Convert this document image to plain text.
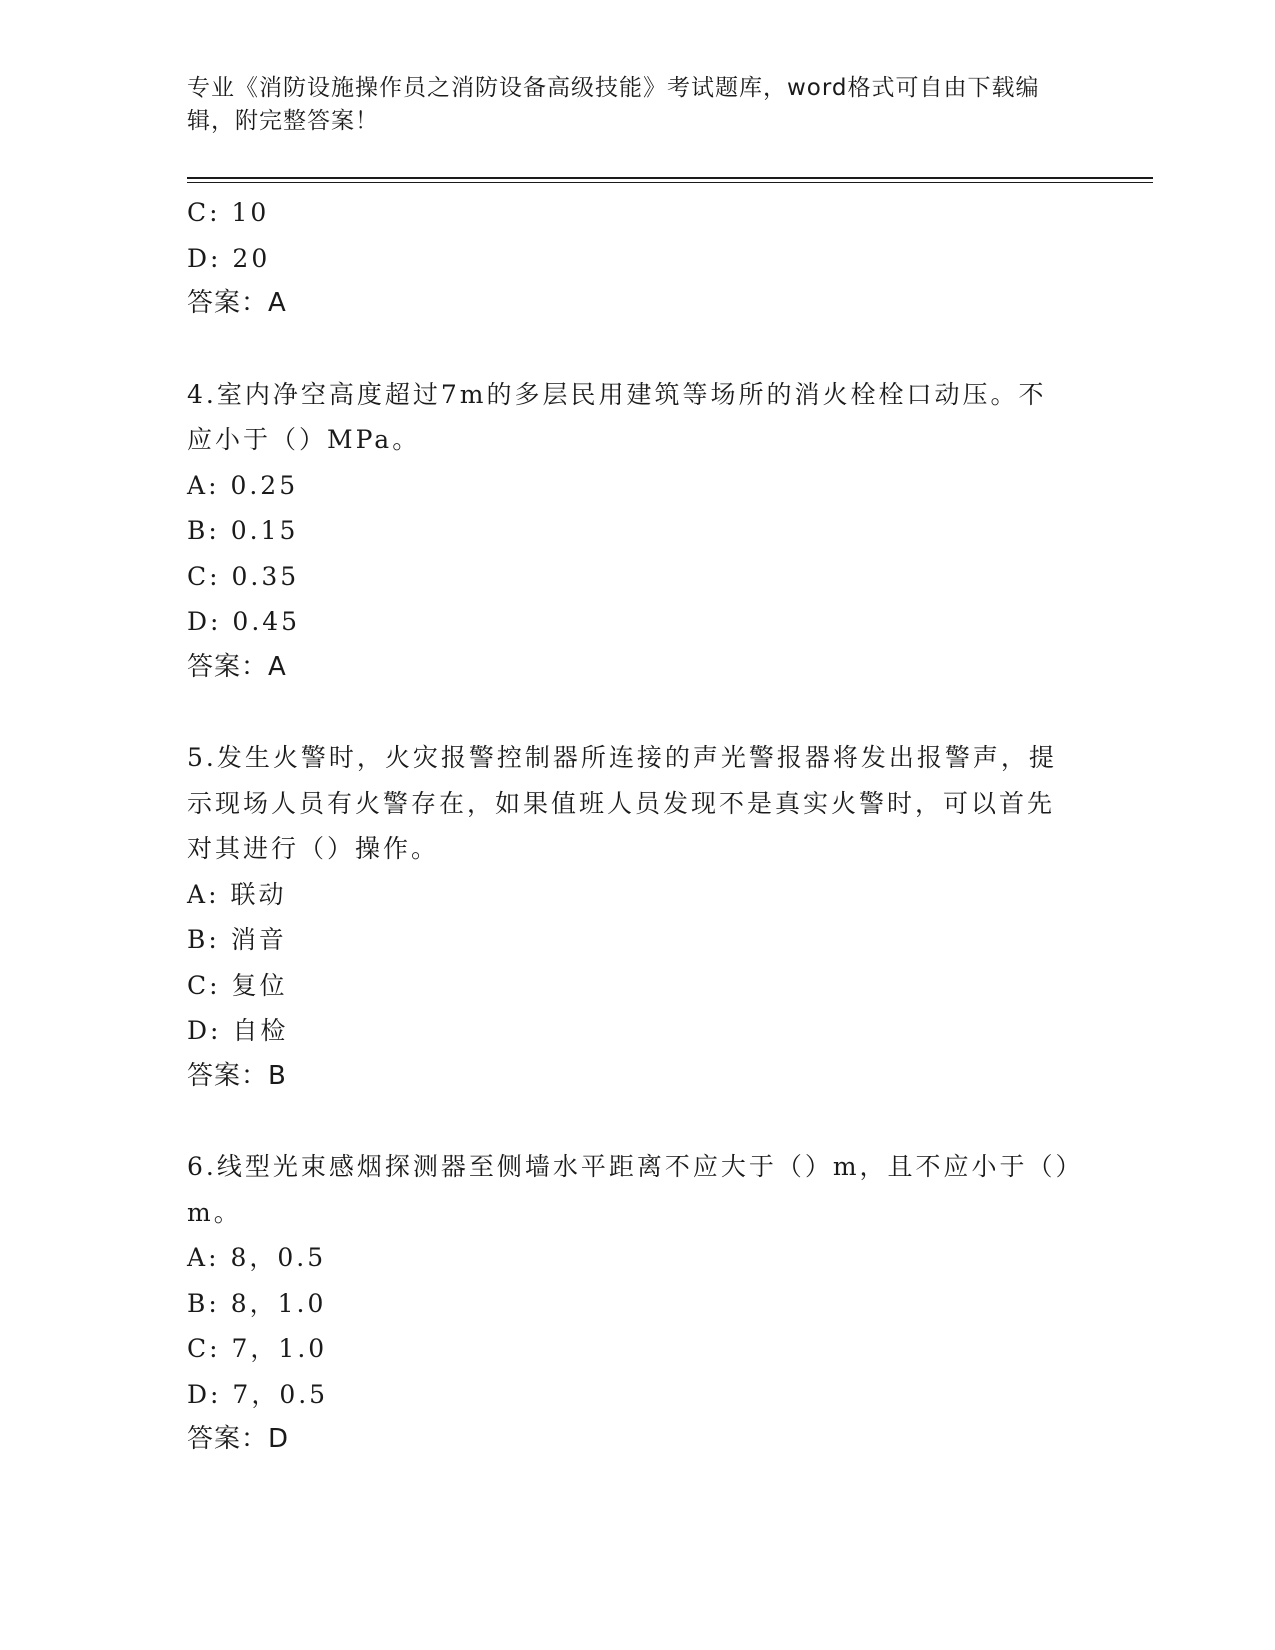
专业《消防设施操作员之消防设备高级技能》考试题库，word格式可自由下载编辑，附完整答案！
C: 10
D: 20
答案：A
4.室内净空高度超过7m的多层民用建筑等场所的消火栓栓口动压。不应小于（）MPa。
A: 0.25
B: 0.15
C: 0.35
D: 0.45
答案：A
5.发生火警时，火灾报警控制器所连接的声光警报器将发出报警声，提示现场人员有火警存在，如果值班人员发现不是真实火警时，可以首先对其进行（）操作。
A: 联动
B: 消音
C: 复位
D: 自检
答案：B
6.线型光束感烟探测器至侧墙水平距离不应大于（）m，且不应小于（）m。
A: 8，0.5
B: 8，1.0
C: 7，1.0
D: 7，0.5
答案：D
